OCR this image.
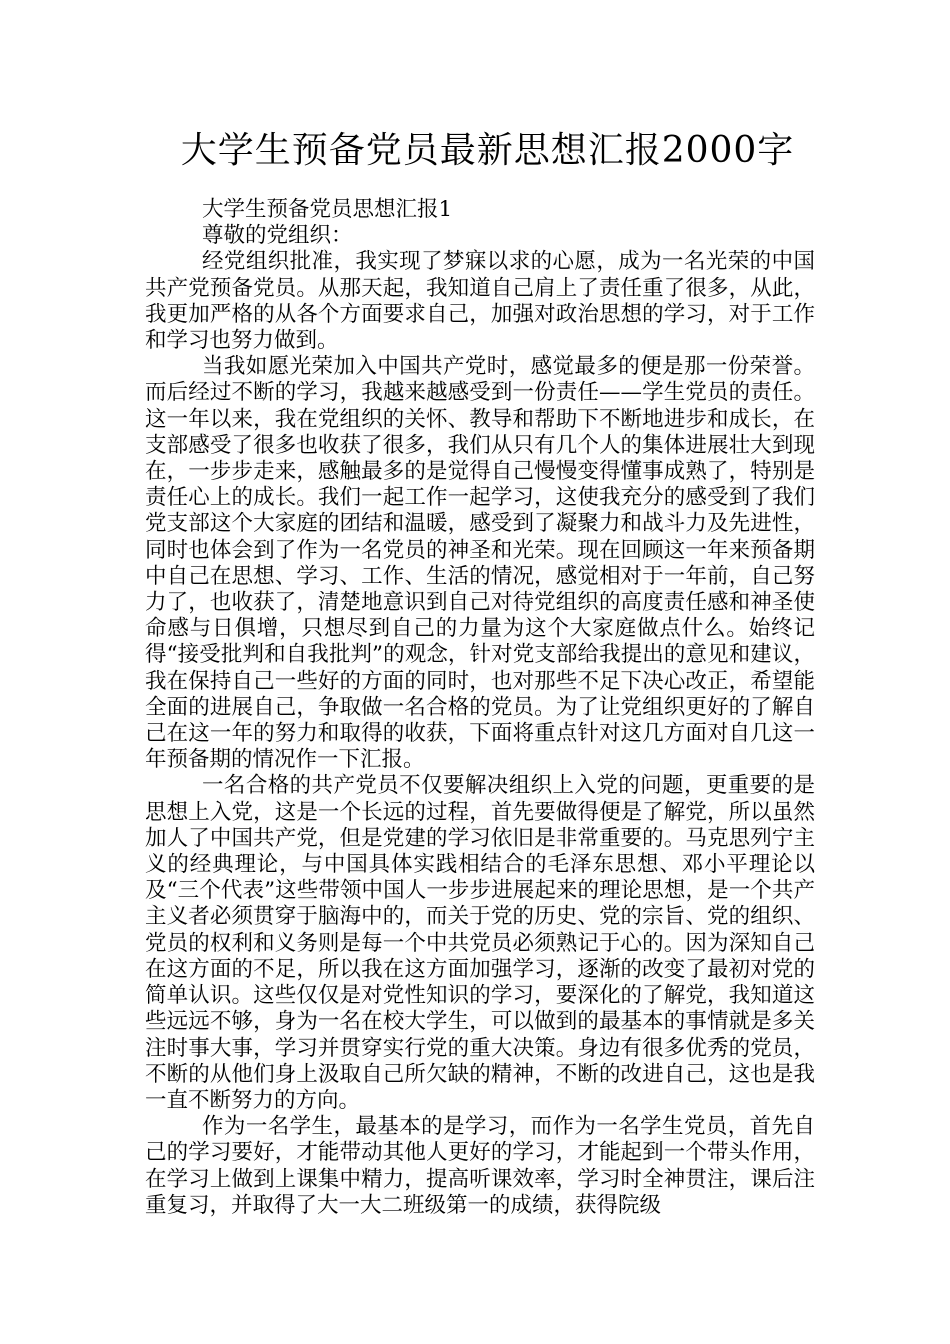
大学生预备党员最新思想汇报2000字

大学生预备党员思想汇报1

尊敬的党组织：

经党组织批准，我实现了梦寐以求的心愿，成为一名光荣的中国共产党预备党员。从那天起，我知道自己肩上了责任重了很多，从此，我更加严格的从各个方面要求自己，加强对政治思想的学习，对于工作和学习也努力做到。

当我如愿光荣加入中国共产党时，感觉最多的便是那一份荣誉。而后经过不断的学习，我越来越感受到一份责任——学生党员的责任。这一年以来，我在党组织的关怀、教导和帮助下不断地进步和成长，在支部感受了很多也收获了很多，我们从只有几个人的集体进展壮大到现在，一步步走来，感触最多的是觉得自己慢慢变得懂事成熟了，特别是责任心上的成长。我们一起工作一起学习，这使我充分的感受到了我们党支部这个大家庭的团结和温暖，感受到了凝聚力和战斗力及先进性，同时也体会到了作为一名党员的神圣和光荣。现在回顾这一年来预备期中自己在思想、学习、工作、生活的情况，感觉相对于一年前，自己努力了，也收获了，清楚地意识到自己对待党组织的高度责任感和神圣使命感与日俱增，只想尽到自己的力量为这个大家庭做点什么。始终记得“接受批判和自我批判”的观念，针对党支部给我提出的意见和建议，我在保持自己一些好的方面的同时，也对那些不足下决心改正，希望能全面的进展自己，争取做一名合格的党员。为了让党组织更好的了解自己在这一年的努力和取得的收获，下面将重点针对这几方面对自几这一年预备期的情况作一下汇报。

一名合格的共产党员不仅要解决组织上入党的问题，更重要的是思想上入党，这是一个长远的过程，首先要做得便是了解党，所以虽然加人了中国共产党，但是党建的学习依旧是非常重要的。马克思列宁主义的经典理论，与中国具体实践相结合的毛泽东思想、邓小平理论以及“三个代表”这些带领中国人一步步进展起来的理论思想，是一个共产主义者必须贯穿于脑海中的，而关于党的历史、党的宗旨、党的组织、党员的权利和义务则是每一个中共党员必须熟记于心的。因为深知自己在这方面的不足，所以我在这方面加强学习，逐渐的改变了最初对党的简单认识。这些仅仅是对党性知识的学习，要深化的了解党，我知道这些远远不够，身为一名在校大学生，可以做到的最基本的事情就是多关注时事大事，学习并贯穿实行党的重大决策。身边有很多优秀的党员，不断的从他们身上汲取自己所欠缺的精神，不断的改进自己，这也是我一直不断努力的方向。

作为一名学生，最基本的是学习，而作为一名学生党员，首先自己的学习要好，才能带动其他人更好的学习，才能起到一个带头作用，在学习上做到上课集中精力，提高听课效率，学习时全神贯注，课后注重复习，并取得了大一大二班级第一的成绩，获得院级
